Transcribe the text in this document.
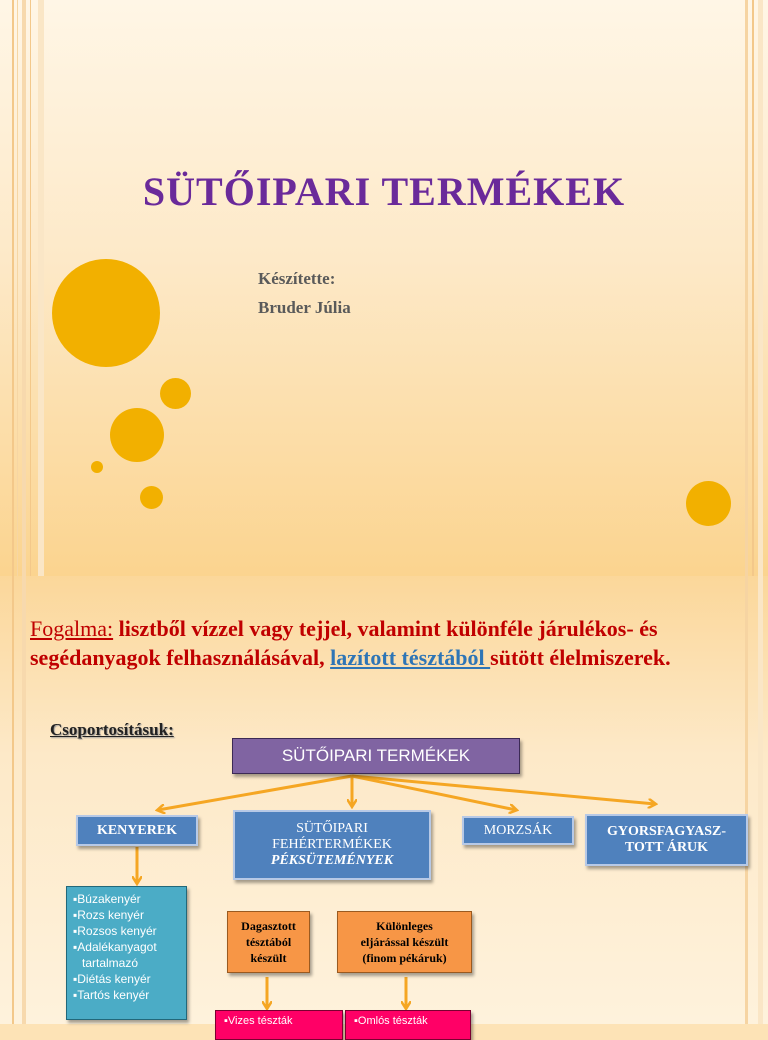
SÜTŐIPARI TERMÉKEK
Készítette:
Bruder Júlia
Fogalma: lisztből vízzel vagy tejjel, valamint különféle járulékos- és segédanyagok felhasználásával, lazított tésztából sütött élelmiszerek.
Csoportosításuk:
SÜTŐIPARI TERMÉKEK
KENYEREK	SÜTŐIPARI
FEHÉRTERMÉKEK
PÉKSÜTEMÉNYEK
MORZSÁK	GYORSFAGYASZ-
TOTT ÁRUK
▪Búzakenyér
▪Rozs kenyér
▪Rozsos kenyér
▪Adalékanyagot
tartalmazó
▪Diétás kenyér
▪Tartós kenyér
Dagasztott
tésztából
készült
Különleges
eljárással készült
(finom pékáruk)
▪Vizes tészták	▪Omlós tészták
